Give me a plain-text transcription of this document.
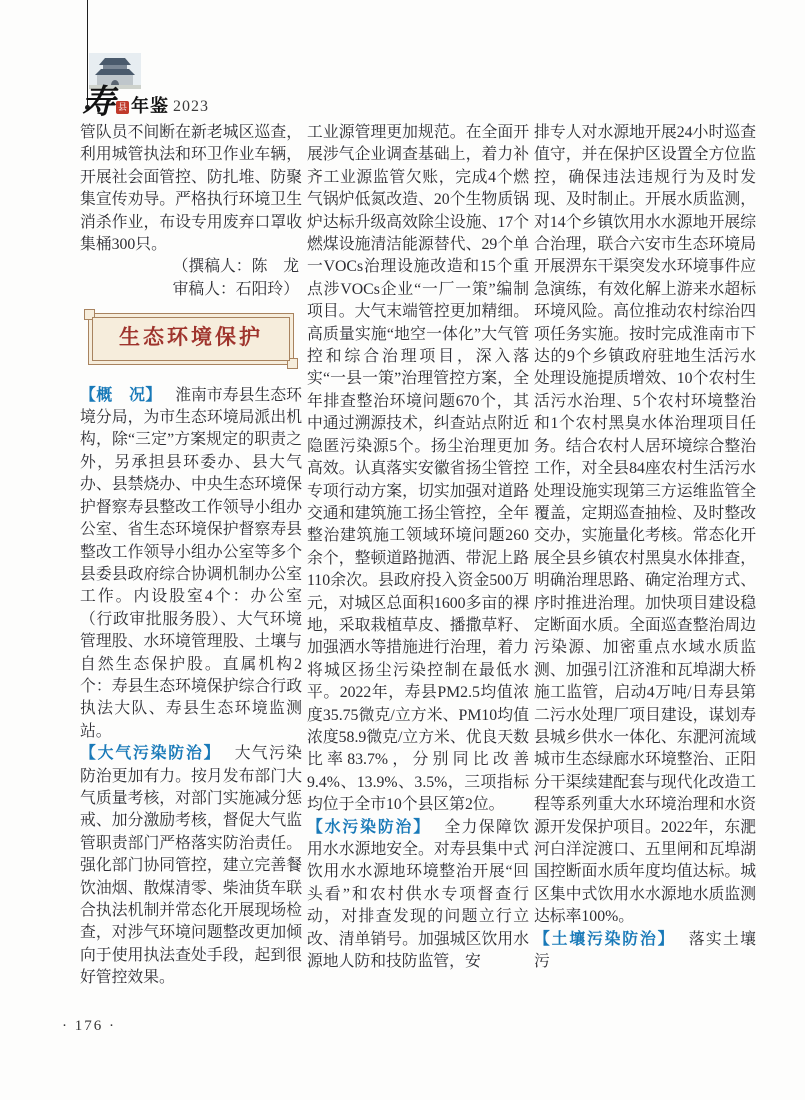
寿 县 年鉴 2023

管队员不间断在新老城区巡查，利用城管执法和环卫作业车辆，开展社会面管控、防扎堆、防聚集宣传劝导。严格执行环境卫生消杀作业，布设专用废弃口罩收集桶300只。

（撰稿人：陈　龙

审稿人：石阳玲）

生态环境保护

【概　况】 淮南市寿县生态环境分局，为市生态环境局派出机构，除“三定”方案规定的职责之外，另承担县环委办、县大气办、县禁烧办、中央生态环境保护督察寿县整改工作领导小组办公室、省生态环境保护督察寿县整改工作领导小组办公室等多个县委县政府综合协调机制办公室工作。内设股室4个：办公室（行政审批服务股）、大气环境管理股、水环境管理股、土壤与自然生态保护股。直属机构2个：寿县生态环境保护综合行政执法大队、寿县生态环境监测站。

【大气污染防治】 大气污染防治更加有力。按月发布部门大气质量考核，对部门实施减分惩戒、加分激励考核，督促大气监管职责部门严格落实防治责任。强化部门协同管控，建立完善餐饮油烟、散煤清零、柴油货车联合执法机制并常态化开展现场检查，对涉气环境问题整改更加倾向于使用执法查处手段，起到很好管控效果。

工业源管理更加规范。在全面开展涉气企业调查基础上，着力补齐工业源监管欠账，完成4个燃气锅炉低氮改造、20个生物质锅炉达标升级高效除尘设施、17个燃煤设施清洁能源替代、29个单一VOCs治理设施改造和15个重点涉VOCs企业“一厂一策”编制项目。大气末端管控更加精细。高质量实施“地空一体化”大气管控和综合治理项目，深入落实“一县一策”治理管控方案，全年排查整治环境问题670个，其中通过溯源技术，纠查站点附近隐匿污染源5个。扬尘治理更加高效。认真落实安徽省扬尘管控专项行动方案，切实加强对道路交通和建筑施工扬尘管控，全年整治建筑施工领域环境问题260余个，整顿道路抛洒、带泥上路110余次。县政府投入资金500万元，对城区总面积1600多亩的裸地，采取栽植草皮、播撒草籽、加强洒水等措施进行治理，着力将城区扬尘污染控制在最低水平。2022年，寿县PM2.5均值浓度35.75微克/立方米、PM10均值浓度58.9微克/立方米、优良天数比率83.7%，分别同比改善9.4%、13.9%、3.5%，三项指标均位于全市10个县区第2位。

【水污染防治】 全力保障饮用水水源地安全。对寿县集中式饮用水水源地环境整治开展“回头看”和农村供水专项督查行动，对排查发现的问题立行立改、清单销号。加强城区饮用水源地人防和技防监管，安

排专人对水源地开展24小时巡查值守，并在保护区设置全方位监控，确保违法违规行为及时发现、及时制止。开展水质监测，对14个乡镇饮用水水源地开展综合治理，联合六安市生态环境局开展淠东干渠突发水环境事件应急演练，有效化解上游来水超标环境风险。高位推动农村综治四项任务实施。按时完成淮南市下达的9个乡镇政府驻地生活污水处理设施提质增效、10个农村生活污水治理、5个农村环境整治和1个农村黑臭水体治理项目任务。结合农村人居环境综合整治工作，对全县84座农村生活污水处理设施实现第三方运维监管全覆盖，定期巡查抽检、及时整改交办，实施量化考核。常态化开展全县乡镇农村黑臭水体排查，明确治理思路、确定治理方式、序时推进治理。加快项目建设稳定断面水质。全面巡查整治周边污染源、加密重点水域水质监测、加强引江济淮和瓦埠湖大桥施工监管，启动4万吨/日寿县第二污水处理厂项目建设，谋划寿县城乡供水一体化、东淝河流域城市生态绿廊水环境整治、正阳分干渠续建配套与现代化改造工程等系列重大水环境治理和水资源开发保护项目。2022年，东淝河白洋淀渡口、五里闸和瓦埠湖国控断面水质年度均值达标。城区集中式饮用水水源地水质监测达标率100%。

【土壤污染防治】 落实土壤污

· 176 ·
